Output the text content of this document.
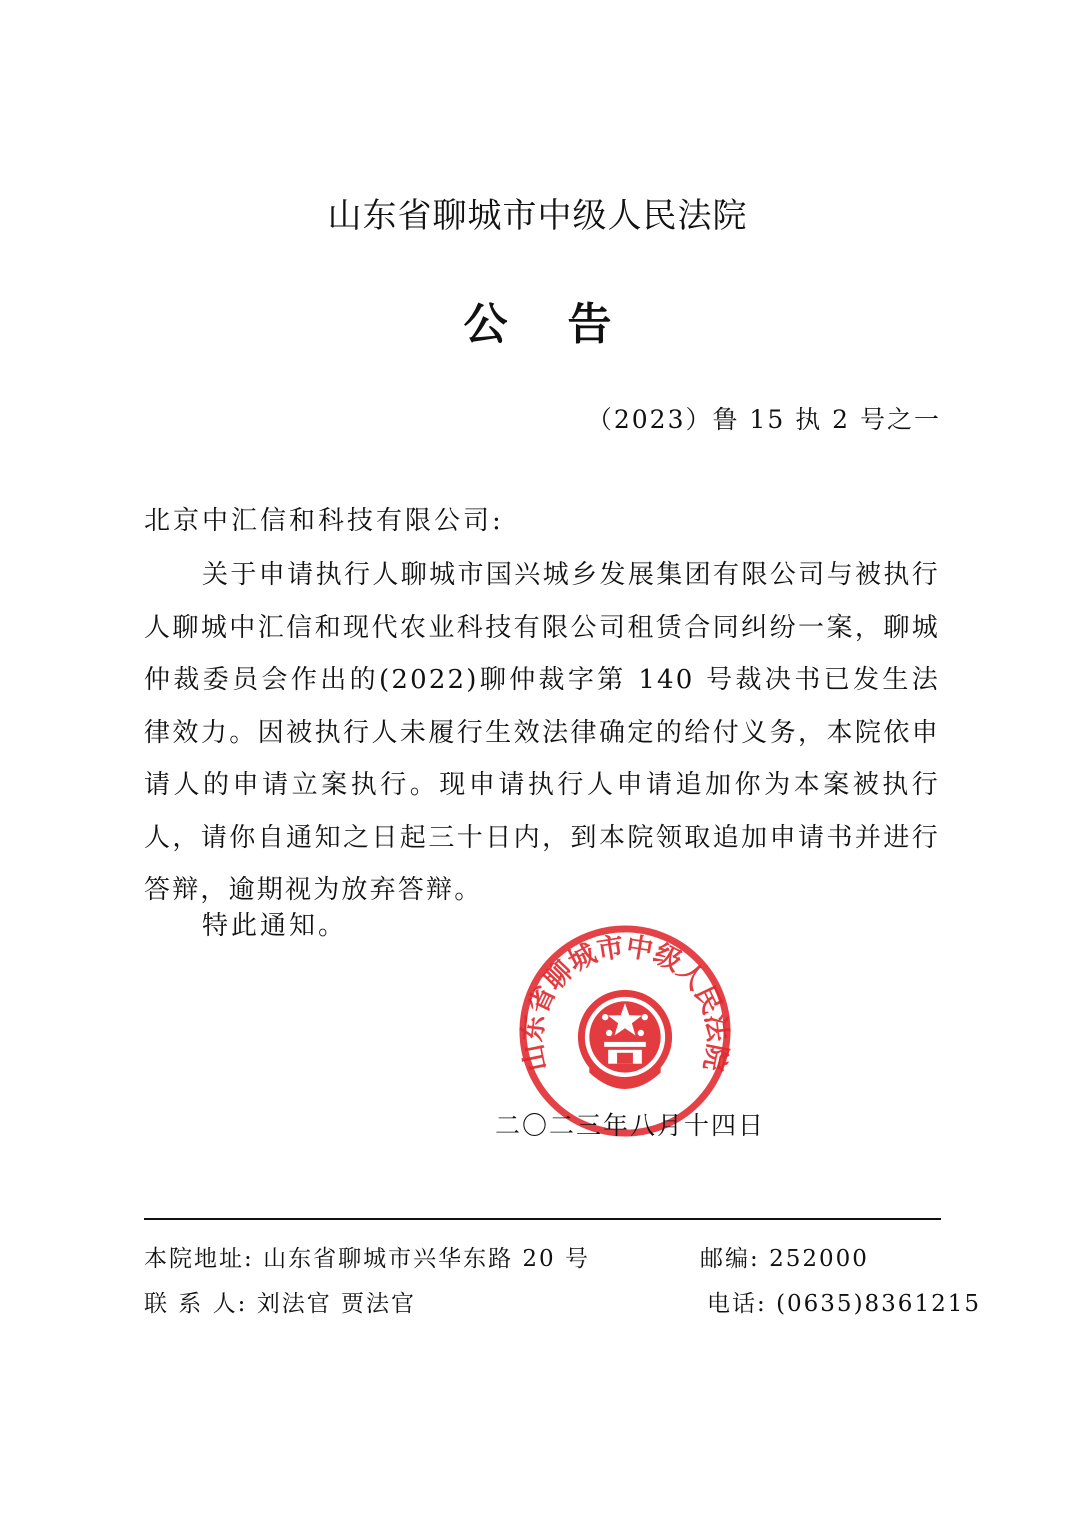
山东省聊城市中级人民法院
公告
（2023）鲁 15 执 2 号之一
北京中汇信和科技有限公司:

关于申请执行人聊城市国兴城乡发展集团有限公司与被执行人聊城中汇信和现代农业科技有限公司租赁合同纠纷一案，聊城仲裁委员会作出的(2022)聊仲裁字第 140 号裁决书已发生法律效力。因被执行人未履行生效法律确定的给付义务，本院依申请人的申请立案执行。现申请执行人申请追加你为本案被执行人，请你自通知之日起三十日内，到本院领取追加申请书并进行答辩，逾期视为放弃答辩。

特此通知。
山东省聊城市中级人民法院
二〇二三年八月十四日
本院地址: 山东省聊城市兴华东路 20 号	邮编: 252000
联 系 人: 刘法官 贾法官	电话: (0635)8361215
